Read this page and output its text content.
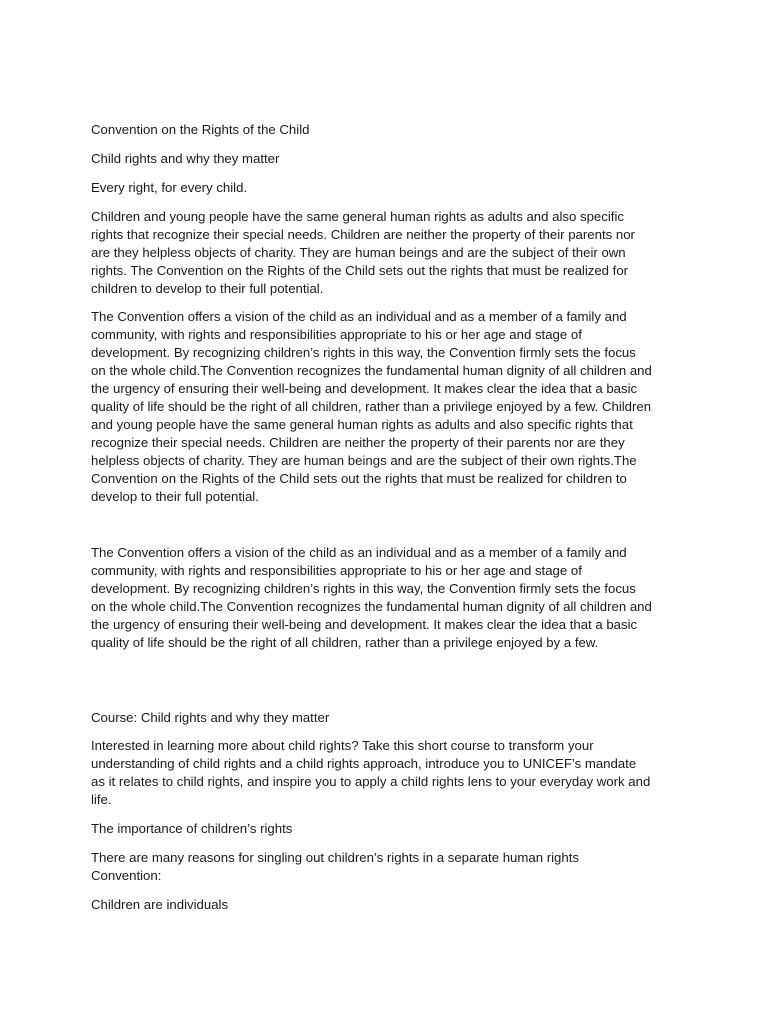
Convention on the Rights of the Child

Child rights and why they matter

Every right, for every child.

Children and young people have the same general human rights as adults and also specific
rights that recognize their special needs. Children are neither the property of their parents nor
are they helpless objects of charity. They are human beings and are the subject of their own
rights. The Convention on the Rights of the Child sets out the rights that must be realized for
children to develop to their full potential.

The Convention offers a vision of the child as an individual and as a member of a family and
community, with rights and responsibilities appropriate to his or her age and stage of
development. By recognizing children’s rights in this way, the Convention firmly sets the focus
on the whole child.The Convention recognizes the fundamental human dignity of all children and
the urgency of ensuring their well-being and development. It makes clear the idea that a basic
quality of life should be the right of all children, rather than a privilege enjoyed by a few. Children
and young people have the same general human rights as adults and also specific rights that
recognize their special needs. Children are neither the property of their parents nor are they
helpless objects of charity. They are human beings and are the subject of their own rights.The
Convention on the Rights of the Child sets out the rights that must be realized for children to
develop to their full potential.

The Convention offers a vision of the child as an individual and as a member of a family and
community, with rights and responsibilities appropriate to his or her age and stage of
development. By recognizing children’s rights in this way, the Convention firmly sets the focus
on the whole child.The Convention recognizes the fundamental human dignity of all children and
the urgency of ensuring their well-being and development. It makes clear the idea that a basic
quality of life should be the right of all children, rather than a privilege enjoyed by a few.

Course: Child rights and why they matter

Interested in learning more about child rights? Take this short course to transform your
understanding of child rights and a child rights approach, introduce you to UNICEF’s mandate
as it relates to child rights, and inspire you to apply a child rights lens to your everyday work and
life.

The importance of children’s rights

There are many reasons for singling out children’s rights in a separate human rights
Convention:

Children are individuals
